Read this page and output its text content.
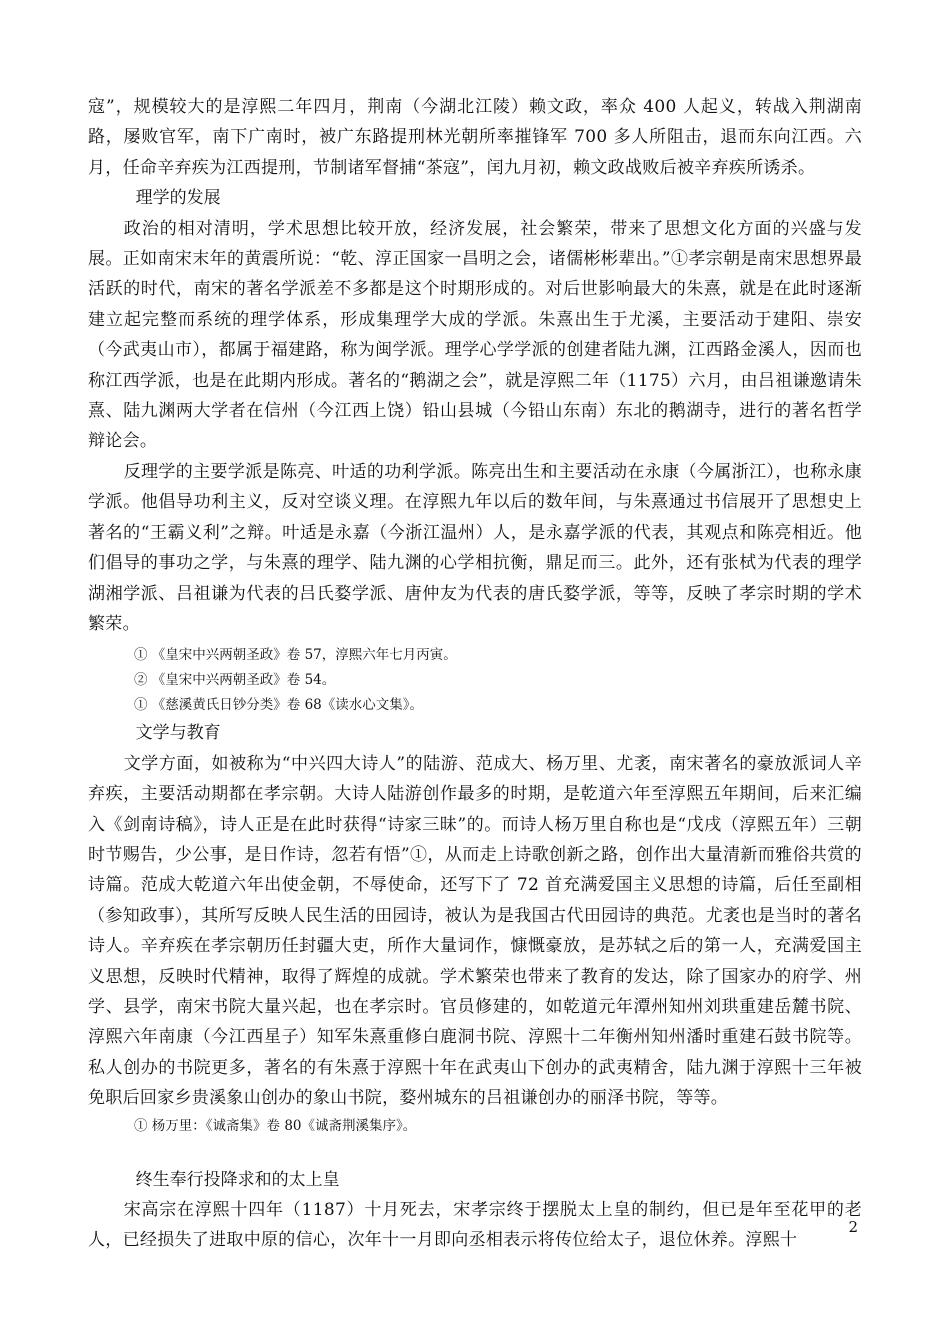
寇”，规模较大的是淳熙二年四月，荆南（今湖北江陵）赖文政，率众 400 人起义，转战入荆湖南路，屡败官军，南下广南时，被广东路提刑林光朝所率摧锋军 700 多人所阻击，退而东向江西。六月，任命辛弃疾为江西提刑，节制诸军督捕“茶寇”，闰九月初，赖文政战败后被辛弃疾所诱杀。

理学的发展

政治的相对清明，学术思想比较开放，经济发展，社会繁荣，带来了思想文化方面的兴盛与发展。正如南宋末年的黄震所说：“乾、淳正国家一昌明之会，诸儒彬彬辈出。”①孝宗朝是南宋思想界最活跃的时代，南宋的著名学派差不多都是这个时期形成的。对后世影响最大的朱熹，就是在此时逐渐建立起完整而系统的理学体系，形成集理学大成的学派。朱熹出生于尤溪，主要活动于建阳、崇安（今武夷山市），都属于福建路，称为闽学派。理学心学学派的创建者陆九渊，江西路金溪人，因而也称江西学派，也是在此期内形成。著名的“鹅湖之会”，就是淳熙二年（1175）六月，由吕祖谦邀请朱熹、陆九渊两大学者在信州（今江西上饶）铅山县城（今铅山东南）东北的鹅湖寺，进行的著名哲学辩论会。

反理学的主要学派是陈亮、叶适的功利学派。陈亮出生和主要活动在永康（今属浙江），也称永康学派。他倡导功利主义，反对空谈义理。在淳熙九年以后的数年间，与朱熹通过书信展开了思想史上著名的“王霸义利”之辩。叶适是永嘉（今浙江温州）人，是永嘉学派的代表，其观点和陈亮相近。他们倡导的事功之学，与朱熹的理学、陆九渊的心学相抗衡，鼎足而三。此外，还有张栻为代表的理学湖湘学派、吕祖谦为代表的吕氏婺学派、唐仲友为代表的唐氏婺学派，等等，反映了孝宗时期的学术繁荣。

① 《皇宋中兴两朝圣政》卷 57，淳熙六年七月丙寅。
② 《皇宋中兴两朝圣政》卷 54。
① 《慈溪黄氏日钞分类》卷 68《读水心文集》。
文学与教育

文学方面，如被称为“中兴四大诗人”的陆游、范成大、杨万里、尤袤，南宋著名的豪放派词人辛弃疾，主要活动期都在孝宗朝。大诗人陆游创作最多的时期，是乾道六年至淳熙五年期间，后来汇编入《剑南诗稿》，诗人正是在此时获得“诗家三昧”的。而诗人杨万里自称也是“戊戌（淳熙五年）三朝时节赐告，少公事，是日作诗，忽若有悟”①，从而走上诗歌创新之路，创作出大量清新而雅俗共赏的诗篇。范成大乾道六年出使金朝，不辱使命，还写下了 72 首充满爱国主义思想的诗篇，后任至副相（参知政事），其所写反映人民生活的田园诗，被认为是我国古代田园诗的典范。尤袤也是当时的著名诗人。辛弃疾在孝宗朝历任封疆大吏，所作大量词作，慷慨豪放，是苏轼之后的第一人，充满爱国主义思想，反映时代精神，取得了辉煌的成就。学术繁荣也带来了教育的发达，除了国家办的府学、州学、县学，南宋书院大量兴起，也在孝宗时。官员修建的，如乾道元年潭州知州刘珙重建岳麓书院、淳熙六年南康（今江西星子）知军朱熹重修白鹿洞书院、淳熙十二年衡州知州潘时重建石鼓书院等。私人创办的书院更多，著名的有朱熹于淳熙十年在武夷山下创办的武夷精舍，陆九渊于淳熙十三年被免职后回家乡贵溪象山创办的象山书院，婺州城东的吕祖谦创办的丽泽书院，等等。

① 杨万里：《诚斋集》卷 80《诚斋荆溪集序》。
终生奉行投降求和的太上皇

宋高宗在淳熙十四年（1187）十月死去，宋孝宗终于摆脱太上皇的制约，但已是年至花甲的老人，已经损失了进取中原的信心，次年十一月即向丞相表示将传位给太子，退位休养。淳熙十

2
